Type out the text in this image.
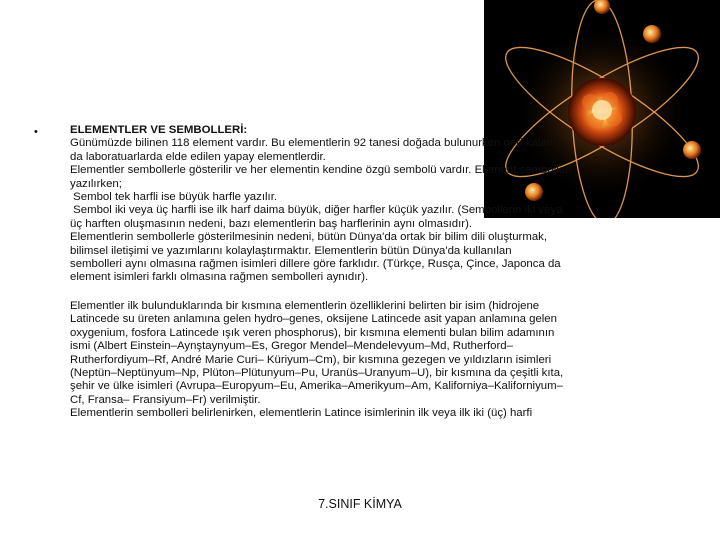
•	ELEMENTLER VE SEMBOLLERİ:
Günümüzde bilinen 118 element vardır. Bu elementlerin 92 tanesi doğada bulunurken geri kalanı
da laboratuarlarda elde edilen yapay elementlerdir.
Elementler sembollerle gösterilir ve her elementin kendine özgü sembolü vardır. Element sembolleri
yazılırken;
Sembol tek harfli ise büyük harfle yazılır.
Sembol iki veya üç harfli ise ilk harf daima büyük, diğer harfler küçük yazılır. (Sembollerin iki veya
üç harften oluşmasının nedeni, bazı elementlerin baş harflerinin aynı olmasıdır).
Elementlerin sembollerle gösterilmesinin nedeni, bütün Dünya'da ortak bir bilim dili oluşturmak,
bilimsel iletişimi ve yazımlarını kolaylaştırmaktır. Elementlerin bütün Dünya'da kullanılan
sembolleri aynı olmasına rağmen isimleri dillere göre farklıdır. (Türkçe, Rusça, Çince, Japonca da
element isimleri farklı olmasına rağmen sembolleri aynıdır).
Elementler ilk bulunduklarında bir kısmına elementlerin özelliklerini belirten bir isim (hidrojene
Latincede su üreten anlamına gelen hydro–genes, oksijene Latincede asit yapan anlamına gelen
oxygenium, fosfora Latincede ışık veren phosphorus), bir kısmına elementi bulan bilim adamının
ismi (Albert Einstein–Aynştaynyum–Es, Gregor Mendel–Mendelevyum–Md, Rutherford–
Rutherfordiyum–Rf, André Marie Curi– Küriyum–Cm), bir kısmına gezegen ve yıldızların isimleri
(Neptün–Neptünyum–Np, Plüton–Plütunyum–Pu, Uranüs–Uranyum–U), bir kısmına da çeşitli kıta,
şehir ve ülke isimleri (Avrupa–Europyum–Eu, Amerika–Amerikyum–Am, Kaliforniya–Kaliforniyum–
Cf, Fransa– Fransiyum–Fr) verilmiştir.
Elementlerin sembolleri belirlenirken, elementlerin Latince isimlerinin ilk veya ilk iki (üç) harfi
7.SINIF KİMYA
